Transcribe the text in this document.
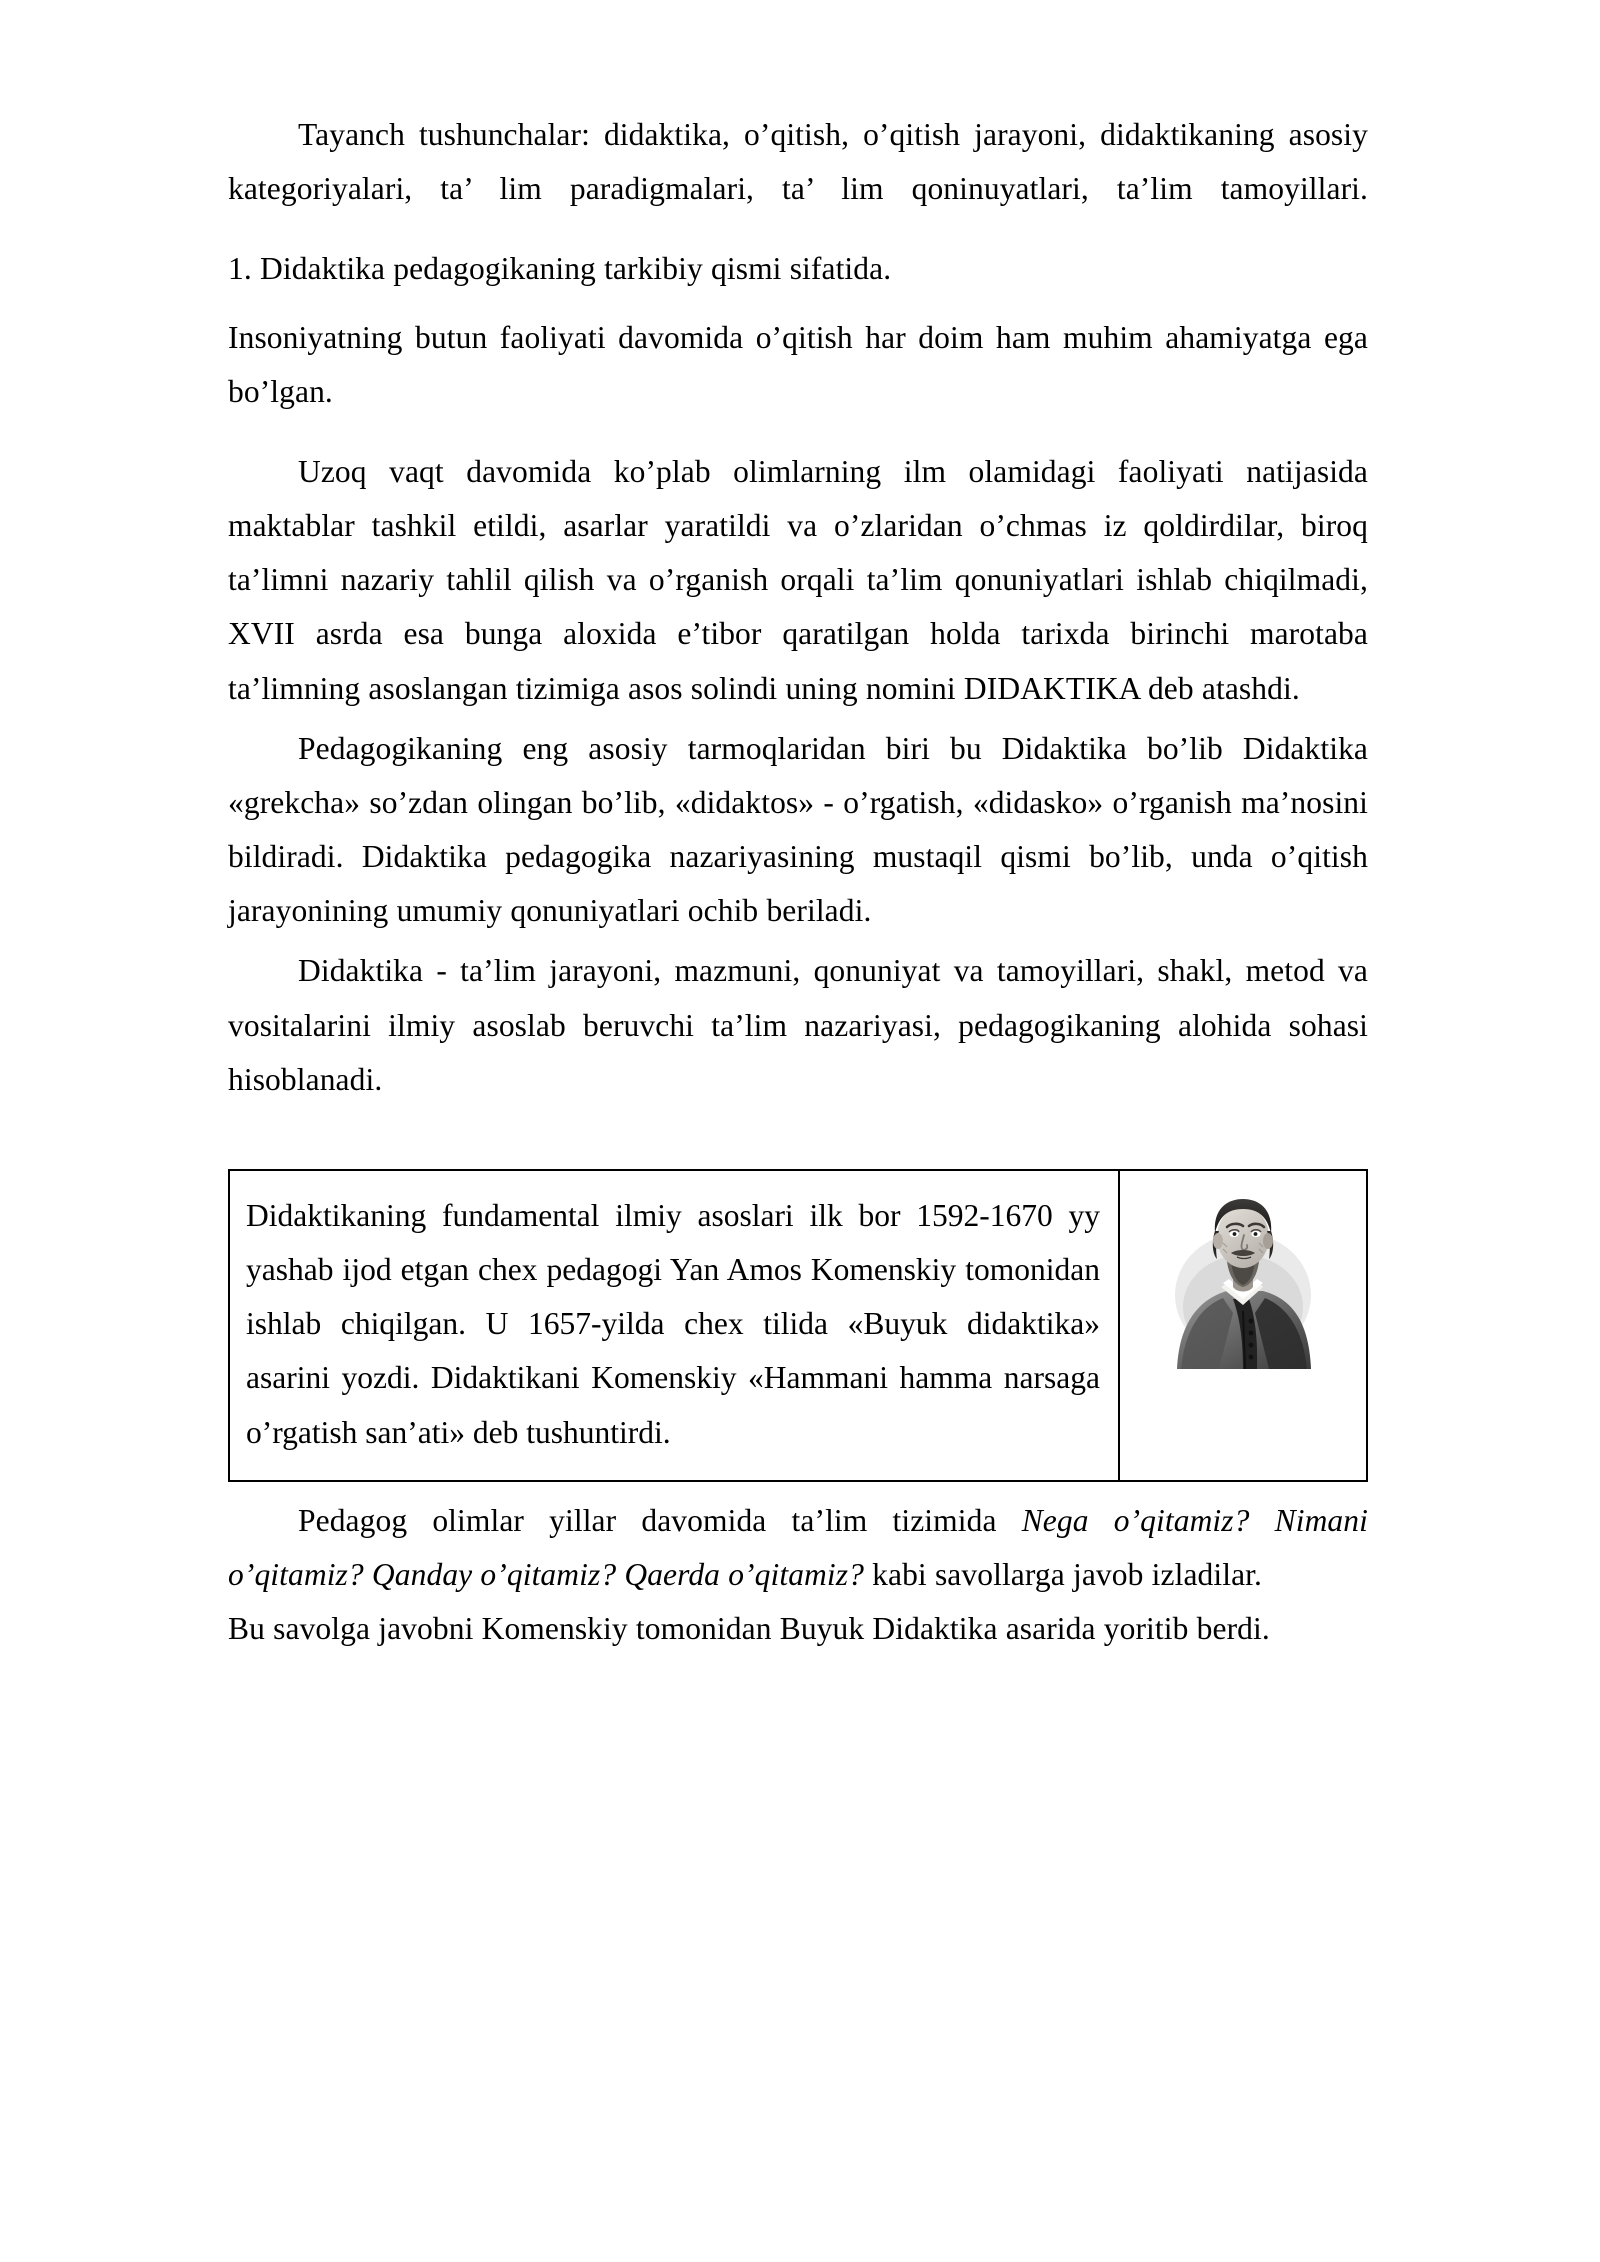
Tayanch tushunchalar: didaktika, o’qitish, o’qitish jarayoni, didaktikaning asosiy kategoriyalari, ta’ lim paradigmalari, ta’ lim qoninuyatlari, ta’lim tamoyillari.

1. Didaktika pedagogikaning tarkibiy qismi sifatida.

Insoniyatning butun faoliyati davomida o’qitish har doim ham muhim ahamiyatga ega bo’lgan.

Uzoq vaqt davomida ko’plab olimlarning ilm olamidagi faoliyati natijasida maktablar tashkil etildi, asarlar yaratildi va o’zlaridan o’chmas iz qoldirdilar, biroq ta’limni nazariy tahlil qilish va o’rganish orqali ta’lim qonuniyatlari ishlab chiqilmadi, XVII asrda esa bunga aloxida e’tibor qaratilgan holda tarixda birinchi marotaba ta’limning asoslangan tizimiga asos solindi uning nomini DIDAKTIKA deb atashdi.

Pedagogikaning eng asosiy tarmoqlaridan biri bu Didaktika bo’lib Didaktika «grekcha» so’zdan olingan bo’lib, «didaktos» - o’rgatish, «didasko» o’rganish ma’nosini bildiradi. Didaktika pedagogika nazariyasining mustaqil qismi bo’lib, unda o’qitish jarayonining umumiy qonuniyatlari ochib beriladi.

Didaktika - ta’lim jarayoni, mazmuni, qonuniyat va tamoyillari, shakl, metod va vositalarini ilmiy asoslab beruvchi ta’lim nazariyasi, pedagogikaning alohida sohasi hisoblanadi.

Didaktikaning fundamental ilmiy asoslari ilk bor 1592-1670 yy yashab ijod etgan chex pedagogi Yan Amos Komenskiy tomonidan ishlab chiqilgan. U 1657-yilda chex tilida «Buyuk didaktika» asarini yozdi. Didaktikani Komenskiy «Hammani hamma narsaga o’rgatish san’ati» deb tushuntirdi.

Pedagog olimlar yillar davomida ta’lim tizimida Nega o’qitamiz? Nimani o’qitamiz? Qanday o’qitamiz? Qaerda o’qitamiz? kabi savollarga javob izladilar.

Bu savolga javobni Komenskiy tomonidan Buyuk Didaktika asarida yoritib berdi.
